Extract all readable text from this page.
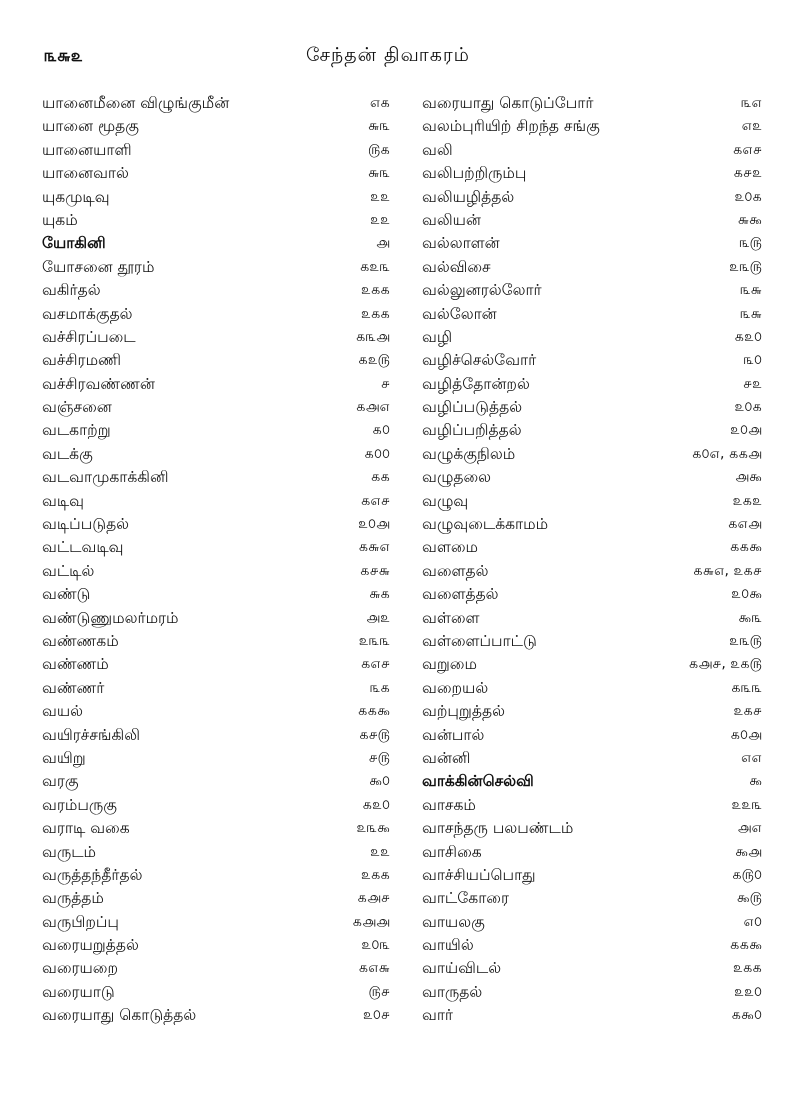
௩௬௨	சேந்தன் திவாகரம்
யானைமீனை விழுங்குமீன்	௭௧
யானை மூதகு	௬௩
யானையாளி	௫௧
யானைவால்	௬௩
யுகமுடிவு	௨௨
யுகம்	௨௨
யோகினி	௮
யோசனை தூரம்	௧௨௩
வகிர்தல்	௨௧௧
வசமாக்குதல்	௨௧௧
வச்சிரப்படை	௧௩௮
வச்சிரமணி	௧௨௫
வச்சிரவண்ணன்	௪
வஞ்சனை	௧௮௭
வடகாற்று	௧௦
வடக்கு	௧௦௦
வடவாமுகாக்கினி	௧௧
வடிவு	௧௭௪
வடிப்படுதல்	௨௦௮
வட்டவடிவு	௧௬௭
வட்டில்	௧௪௬
வண்டு	௬௧
வண்டுணுமலர்மரம்	௮௨
வண்ணகம்	௨௩௩
வண்ணம்	௧௭௪
வண்ணர்	௩௧
வயல்	௧௧௯
வயிரச்சங்கிலி	௧௪௫
வயிறு	௪௫
வரகு	௯௦
வரம்பருகு	௧௨௦
வராடி வகை	௨௩௯
வருடம்	௨௨
வருத்தந்தீர்தல்	௨௧௧
வருத்தம்	௧௮௪
வருபிறப்பு	௧௮௮
வரையறுத்தல்	௨௦௩
வரையறை	௧௭௬
வரையாடு	௫௪
வரையாது கொடுத்தல்	௨௦௪
வரையாது கொடுப்போர்	௩௭
வலம்புரியிற் சிறந்த சங்கு	௭௨
வலி	௧௭௪
வலிபற்றிரும்பு	௧௪௨
வலியழித்தல்	௨௦௧
வலியன்	௬௯
வல்லாளன்	௩௫
வல்விசை	௨௩௫
வல்லுனரல்லோர்	௩௬
வல்லோன்	௩௬
வழி	௧௨௦
வழிச்செல்வோர்	௩௦
வழித்தோன்றல்	௪௨
வழிப்படுத்தல்	௨௦௧
வழிப்பறித்தல்	௨௦௮
வழுக்குநிலம்	௧௦௭, ௧௧௮
வழுதலை	௮௯
வழுவு	௨௧௨
வழுவுடைக்காமம்	௧௭௮
வளமை	௧௧௯
வளைதல்	௧௬௭, ௨௧௪
வளைத்தல்	௨௦௯
வள்ளை	௯௩
வள்ளைப்பாட்டு	௨௩௫
வறுமை	௧௮௪, ௨௧௫
வறையல்	௧௩௩
வற்புறுத்தல்	௨௧௪
வன்பால்	௧௦௮
வன்னி	௭௭
வாக்கின்செல்வி	௯
வாசகம்	௨௨௩
வாசந்தரு பலபண்டம்	௮௭
வாசிகை	௯௮
வாச்சியப்பொது	௧௫௦
வாட்கோரை	௯௫
வாயலகு	௭௦
வாயில்	௧௧௯
வாய்விடல்	௨௧௧
வாருதல்	௨௨௦
வார்	௧௯௦
